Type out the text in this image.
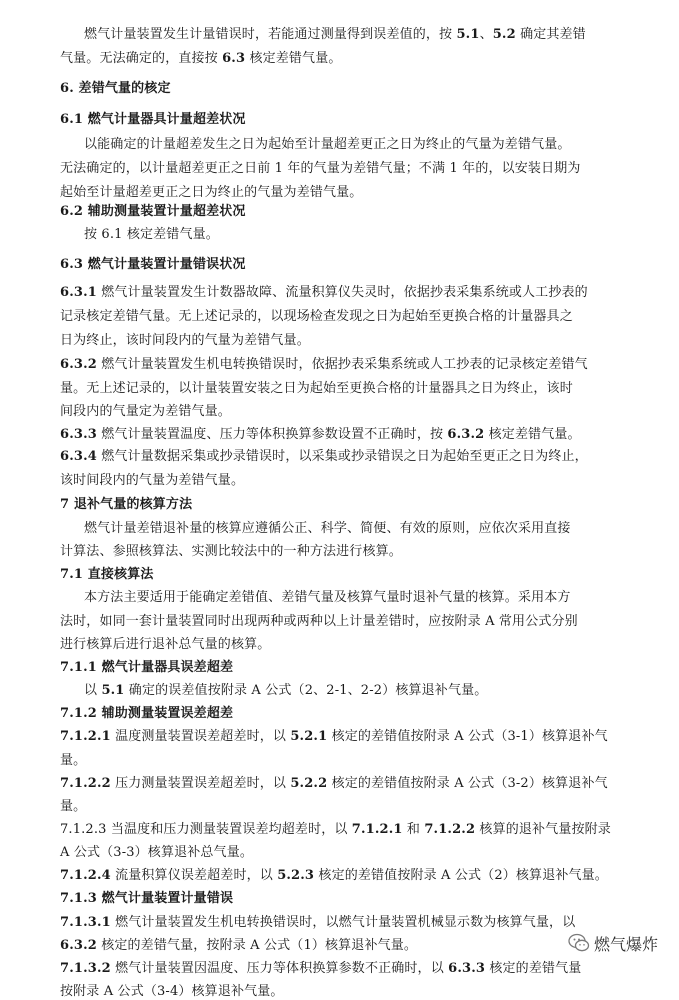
燃气计量装置发生计量错误时，若能通过测量得到误差值的，按 5.1、5.2 确定其差错
气量。无法确定的，直接按 6.3 核定差错气量。
6. 差错气量的核定
6.1 燃气计量器具计量超差状况
以能确定的计量超差发生之日为起始至计量超差更正之日为终止的气量为差错气量。
无法确定的，以计量超差更正之日前 1 年的气量为差错气量；不满 1 年的，以安装日期为
起始至计量超差更正之日为终止的气量为差错气量。
6.2 辅助测量装置计量超差状况
按 6.1 核定差错气量。
6.3 燃气计量装置计量错误状况
6.3.1 燃气计量装置发生计数器故障、流量积算仪失灵时，依据抄表采集系统或人工抄表的
记录核定差错气量。无上述记录的，以现场检查发现之日为起始至更换合格的计量器具之
日为终止，该时间段内的气量为差错气量。
6.3.2 燃气计量装置发生机电转换错误时，依据抄表采集系统或人工抄表的记录核定差错气
量。无上述记录的，以计量装置安装之日为起始至更换合格的计量器具之日为终止，该时
间段内的气量定为差错气量。
6.3.3 燃气计量装置温度、压力等体积换算参数设置不正确时，按 6.3.2 核定差错气量。
6.3.4 燃气计量数据采集或抄录错误时，以采集或抄录错误之日为起始至更正之日为终止，
该时间段内的气量为差错气量。
7 退补气量的核算方法
燃气计量差错退补量的核算应遵循公正、科学、简便、有效的原则，应依次采用直接
计算法、参照核算法、实测比较法中的一种方法进行核算。
7.1 直接核算法
本方法主要适用于能确定差错值、差错气量及核算气量时退补气量的核算。采用本方
法时，如同一套计量装置同时出现两种或两种以上计量差错时，应按附录 A 常用公式分别
进行核算后进行退补总气量的核算。
7.1.1 燃气计量器具误差超差
以 5.1 确定的误差值按附录 A 公式（2、2-1、2-2）核算退补气量。
7.1.2 辅助测量装置误差超差
7.1.2.1 温度测量装置误差超差时，以 5.2.1 核定的差错值按附录 A 公式（3-1）核算退补气
量。
7.1.2.2 压力测量装置误差超差时，以 5.2.2 核定的差错值按附录 A 公式（3-2）核算退补气
量。
7.1.2.3 当温度和压力测量装置误差均超差时，以 7.1.2.1 和 7.1.2.2 核算的退补气量按附录
A 公式（3-3）核算退补总气量。
7.1.2.4 流量积算仪误差超差时，以 5.2.3 核定的差错值按附录 A 公式（2）核算退补气量。
7.1.3 燃气计量装置计量错误
7.1.3.1 燃气计量装置发生机电转换错误时，以燃气计量装置机械显示数为核算气量，以
6.3.2 核定的差错气量，按附录 A 公式（1）核算退补气量。
7.1.3.2 燃气计量装置因温度、压力等体积换算参数不正确时，以 6.3.3 核定的差错气量
按附录 A 公式（3-4）核算退补气量。
燃气爆炸
